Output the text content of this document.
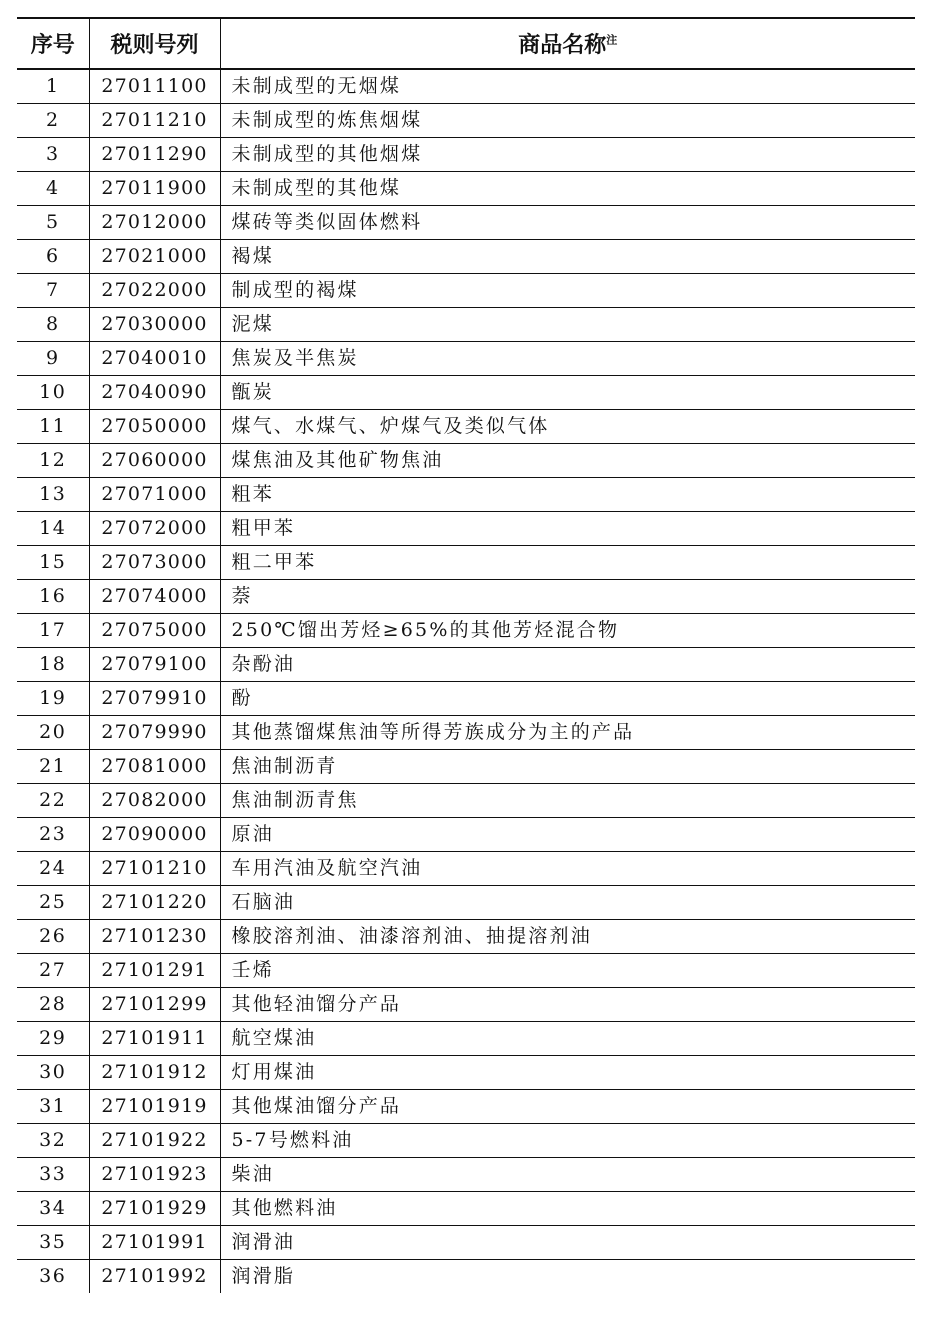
序号	税则号列	商品名称$^注$
1	27011100	未制成型的无烟煤
2	27011210	未制成型的炼焦烟煤
3	27011290	未制成型的其他烟煤
4	27011900	未制成型的其他煤
5	27012000	煤砖等类似固体燃料
6	27021000	褐煤
7	27022000	制成型的褐煤
8	27030000	泥煤
9	27040010	焦炭及半焦炭
10	27040090	甑炭
11	27050000	煤气、水煤气、炉煤气及类似气体
12	27060000	煤焦油及其他矿物焦油
13	27071000	粗苯
14	27072000	粗甲苯
15	27073000	粗二甲苯
16	27074000	萘
17	27075000	250℃馏出芳烃≥65%的其他芳烃混合物
18	27079100	杂酚油
19	27079910	酚
20	27079990	其他蒸馏煤焦油等所得芳族成分为主的产品
21	27081000	焦油制沥青
22	27082000	焦油制沥青焦
23	27090000	原油
24	27101210	车用汽油及航空汽油
25	27101220	石脑油
26	27101230	橡胶溶剂油、油漆溶剂油、抽提溶剂油
27	27101291	壬烯
28	27101299	其他轻油馏分产品
29	27101911	航空煤油
30	27101912	灯用煤油
31	27101919	其他煤油馏分产品
32	27101922	5-7号燃料油
33	27101923	柴油
34	27101929	其他燃料油
35	27101991	润滑油
36	27101992	润滑脂
